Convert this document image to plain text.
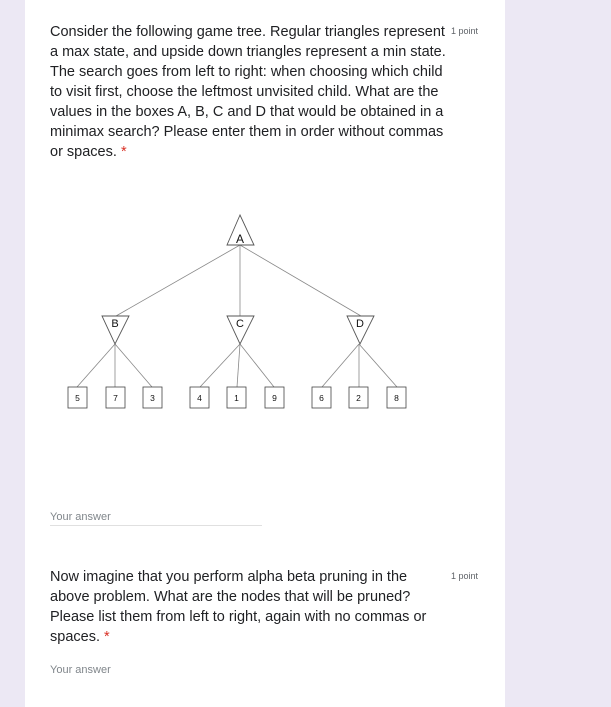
Consider the following game tree. Regular triangles represent a max state, and upside down triangles represent a min state. The search goes from left to right: when choosing which child to visit first, choose the leftmost unvisited child. What are the values in the boxes A, B, C and D that would be obtained in a minimax search? Please enter them in order without commas or spaces. *
1 point
A
B	C	D
5	7	3	4	1	9	6	2	8
Your answer
Now imagine that you perform alpha beta pruning in the above problem. What are the nodes that will be pruned? Please list them from left to right, again with no commas or spaces. *
1 point
Your answer
